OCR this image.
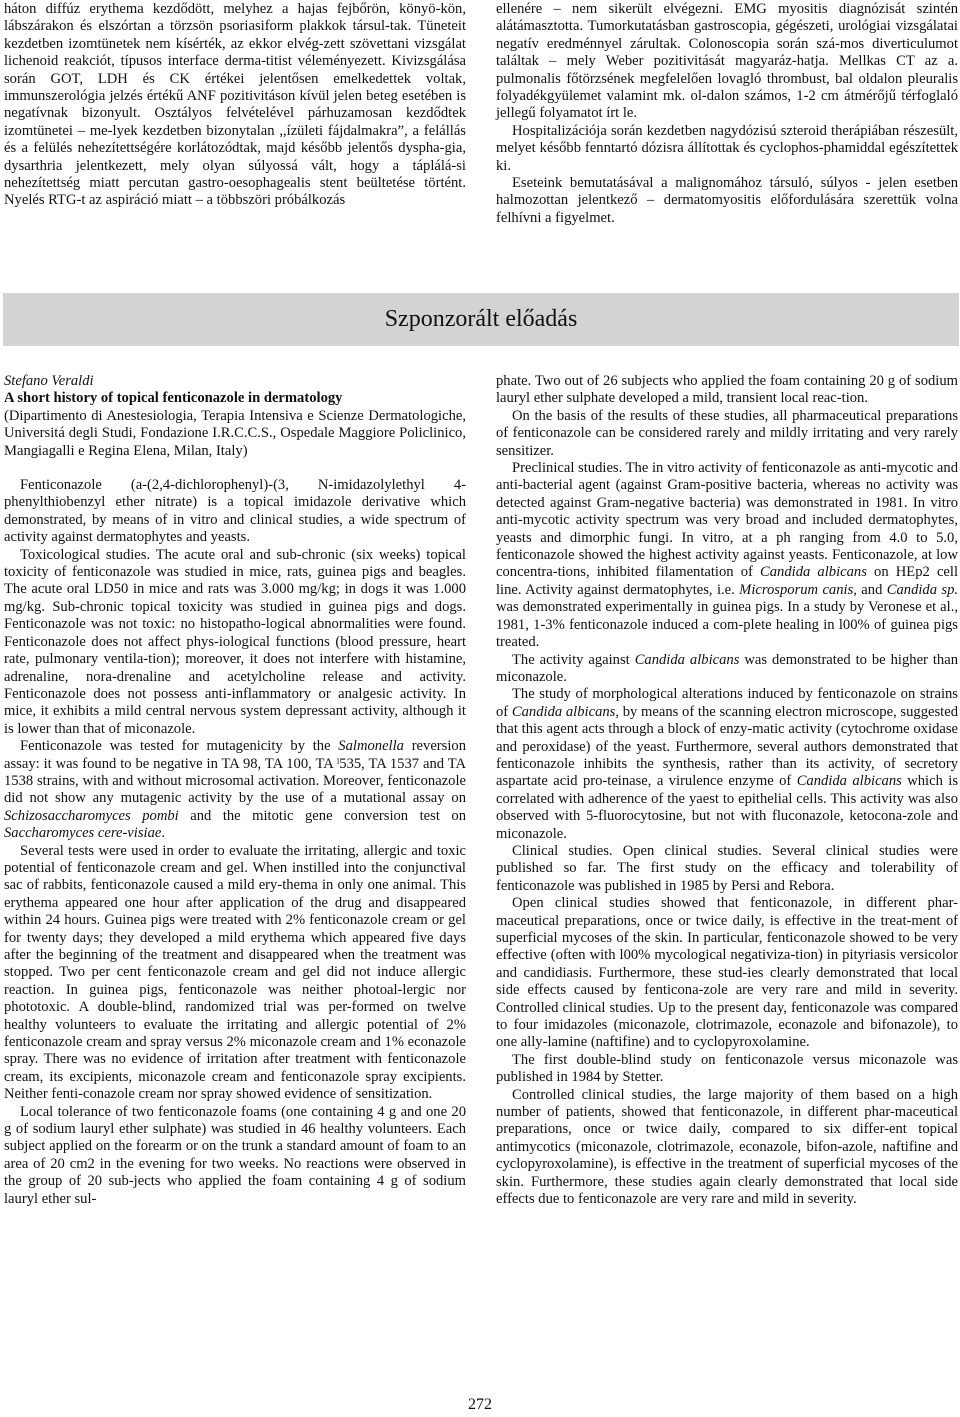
háton diffúz erythema kezdődött, melyhez a hajas fejbőrön, könyö-kön, lábszárakon és elszórtan a törzsön psoriasiform plakkok társul-tak. Tüneteit kezdetben izomtünetek nem kísérték, az ekkor elvég-zett szövettani vizsgálat lichenoid reakciót, típusos interface derma-titist véleményezett. Kivizsgálása során GOT, LDH és CK értékei jelentősen emelkedettek voltak, immunszerológia jelzés értékű ANF pozitivitáson kívül jelen beteg esetében is negatívnak bizonyult. Osztályos felvételével párhuzamosan kezdődtek izomtünetei – me-lyek kezdetben bizonytalan ,,ízületi fájdalmakra”, a felállás és a felülés nehezítettségére korlátozódtak, majd később jelentős dyspha-gia, dysarthria jelentkezett, mely olyan súlyossá vált, hogy a táplálá-si nehezítettség miatt percutan gastro-oesophagealis stent beültetése történt. Nyelés RTG-t az aspiráció miatt – a többszöri próbálkozás

ellenére – nem sikerült elvégezni. EMG myositis diagnózisát szintén alátámasztotta. Tumorkutatásban gastroscopia, gégészeti, urológiai vizsgálatai negatív eredménnyel zárultak. Colonoscopia során szá-mos diverticulumot találtak – mely Weber pozitivitását magyaráz-hatja. Mellkas CT az a. pulmonalis főtörzsének megfelelően lovagló thrombust, bal oldalon pleuralis folyadékgyülemet valamint mk. ol-dalon számos, 1-2 cm átmérőjű térfoglaló jellegű folyamatot írt le.

Hospitalizációja során kezdetben nagydózisú szteroid therápiában részesült, melyet később fenntartó dózisra állítottak és cyclophos-phamiddal egészítettek ki.

Eseteink bemutatásával a malignomához társuló, súlyos - jelen esetben halmozottan jelentkező – dermatomyositis előfordulására szerettük volna felhívni a figyelmet.

Szponzorált előadás
Stefano Veraldi
A short history of topical fenticonazole in dermatology
(Dipartimento di Anestesiologia, Terapia Intensiva e Scienze Dermatologiche, Universitá degli Studi, Fondazione I.R.C.C.S., Ospedale Maggiore Policlinico, Mangiagalli e Regina Elena, Milan, Italy)

Fenticonazole (a-(2,4-dichlorophenyl)-(3, N-imidazolylethyl 4-phenylthiobenzyl ether nitrate) is a topical imidazole derivative which demonstrated, by means of in vitro and clinical studies, a wide spectrum of activity against dermatophytes and yeasts.

Toxicological studies. The acute oral and sub-chronic (six weeks) topical toxicity of fenticonazole was studied in mice, rats, guinea pigs and beagles. The acute oral LD50 in mice and rats was 3.000 mg/kg; in dogs it was 1.000 mg/kg. Sub-chronic topical toxicity was studied in guinea pigs and dogs. Fenticonazole was not toxic: no histopatho-logical abnormalities were found. Fenticonazole does not affect phys-iological functions (blood pressure, heart rate, pulmonary ventila-tion); moreover, it does not interfere with histamine, adrenaline, nora-drenaline and acetylcholine release and activity. Fenticonazole does not possess anti-inflammatory or analgesic activity. In mice, it exhibits a mild central nervous system depressant activity, although it is lower than that of miconazole.

Fenticonazole was tested for mutagenicity by the Salmonella reversion assay: it was found to be negative in TA 98, TA 100, TA ˡ535, TA 1537 and TA 1538 strains, with and without microsomal activation. Moreover, fenticonazole did not show any mutagenic activity by the use of a mutational assay on Schizosaccharomyces pombi and the mitotic gene conversion test on Saccharomyces cere-visiae.

Several tests were used in order to evaluate the irritating, allergic and toxic potential of fenticonazole cream and gel. When instilled into the conjunctival sac of rabbits, fenticonazole caused a mild ery-thema in only one animal. This erythema appeared one hour after application of the drug and disappeared within 24 hours. Guinea pigs were treated with 2% fenticonazole cream or gel for twenty days; they developed a mild erythema which appeared five days after the beginning of the treatment and disappeared when the treatment was stopped. Two per cent fenticonazole cream and gel did not induce allergic reaction. In guinea pigs, fenticonazole was neither photoal-lergic nor phototoxic. A double-blind, randomized trial was per-formed on twelve healthy volunteers to evaluate the irritating and allergic potential of 2% fenticonazole cream and spray versus 2% miconazole cream and 1% econazole spray. There was no evidence of irritation after treatment with fenticonazole cream, its excipients, miconazole cream and fenticonazole spray excipients. Neither fenti-conazole cream nor spray showed evidence of sensitization.

Local tolerance of two fenticonazole foams (one containing 4 g and one 20 g of sodium lauryl ether sulphate) was studied in 46 healthy volunteers. Each subject applied on the forearm or on the trunk a standard amount of foam to an area of 20 cm2 in the evening for two weeks. No reactions were observed in the group of 20 sub-jects who applied the foam containing 4 g of sodium lauryl ether sul-

phate. Two out of 26 subjects who applied the foam containing 20 g of sodium lauryl ether sulphate developed a mild, transient local reac-tion.

On the basis of the results of these studies, all pharmaceutical preparations of fenticonazole can be considered rarely and mildly irritating and very rarely sensitizer.

Preclinical studies. The in vitro activity of fenticonazole as anti-mycotic and anti-bacterial agent (against Gram-positive bacteria, whereas no activity was detected against Gram-negative bacteria) was demonstrated in 1981. In vitro anti-mycotic activity spectrum was very broad and included dermatophytes, yeasts and dimorphic fungi. In vitro, at a ph ranging from 4.0 to 5.0, fenticonazole showed the highest activity against yeasts. Fenticonazole, at low concentra-tions, inhibited filamentation of Candida albicans on HEp2 cell line. Activity against dermatophytes, i.e. Microsporum canis, and Candida sp. was demonstrated experimentally in guinea pigs. In a study by Veronese et al., 1981, 1-3% fenticonazole induced a com-plete healing in l00% of guinea pigs treated.

The activity against Candida albicans was demonstrated to be higher than miconazole.

The study of morphological alterations induced by fenticonazole on strains of Candida albicans, by means of the scanning electron microscope, suggested that this agent acts through a block of enzy-matic activity (cytochrome oxidase and peroxidase) of the yeast. Furthermore, several authors demonstrated that fenticonazole inhibits the synthesis, rather than its activity, of secretory aspartate acid pro-teinase, a virulence enzyme of Candida albicans which is correlated with adherence of the yaest to epithelial cells. This activity was also observed with 5-fluorocytosine, but not with fluconazole, ketocona-zole and miconazole.

Clinical studies. Open clinical studies. Several clinical studies were published so far. The first study on the efficacy and tolerability of fenticonazole was published in 1985 by Persi and Rebora.

Open clinical studies showed that fenticonazole, in different phar-maceutical preparations, once or twice daily, is effective in the treat-ment of superficial mycoses of the skin. In particular, fenticonazole showed to be very effective (often with l00% mycological negativiza-tion) in pityriasis versicolor and candidiasis. Furthermore, these stud-ies clearly demonstrated that local side effects caused by fenticona-zole are very rare and mild in severity. Controlled clinical studies. Up to the present day, fenticonazole was compared to four imidazoles (miconazole, clotrimazole, econazole and bifonazole), to one ally-lamine (naftifine) and to cyclopyroxolamine.

The first double-blind study on fenticonazole versus miconazole was published in 1984 by Stetter.

Controlled clinical studies, the large majority of them based on a high number of patients, showed that fenticonazole, in different phar-maceutical preparations, once or twice daily, compared to six differ-ent topical antimycotics (miconazole, clotrimazole, econazole, bifon-azole, naftifine and cyclopyroxolamine), is effective in the treatment of superficial mycoses of the skin. Furthermore, these studies again clearly demonstrated that local side effects due to fenticonazole are very rare and mild in severity.

272
